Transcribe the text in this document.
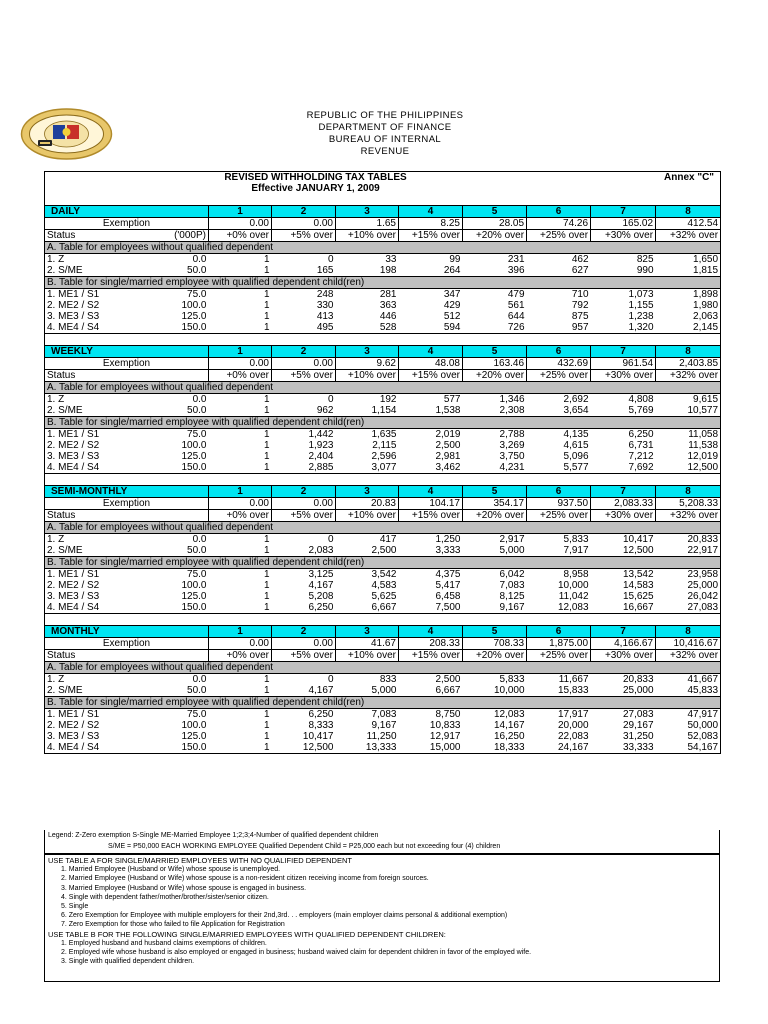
REPUBLIC OF THE PHILIPPINES
DEPARTMENT OF FINANCE
BUREAU OF INTERNAL
REVENUE
	REVISED WITHHOLDING TAX TABLES						Annex "C"		
	Effective JANUARY 1, 2009								

DAILY		1	2	3	4	5	6	7	8
Exemption		0.00	0.00	1.65	8.25	28.05	74.26	165.02	412.54
Status	('000P)	+0% over	+5% over	+10% over	+15% over	+20% over	+25% over	+30% over	+32% over
A. Table for employees without qualified dependent									
1. Z	0.0	1	0	33	99	231	462	825	1,650
2. S/ME	50.0	1	165	198	264	396	627	990	1,815
B. Table for single/married employee with qualified dependent child(ren)									
1. ME1 / S1	75.0	1	248	281	347	479	710	1,073	1,898
2. ME2 / S2	100.0	1	330	363	429	561	792	1,155	1,980
3. ME3 / S3	125.0	1	413	446	512	644	875	1,238	2,063
4. ME4 / S4	150.0	1	495	528	594	726	957	1,320	2,145

WEEKLY		1	2	3	4	5	6	7	8
Exemption		0.00	0.00	9.62	48.08	163.46	432.69	961.54	2,403.85
Status		+0% over	+5% over	+10% over	+15% over	+20% over	+25% over	+30% over	+32% over
A. Table for employees without qualified dependent									
1. Z	0.0	1	0	192	577	1,346	2,692	4,808	9,615
2. S/ME	50.0	1	962	1,154	1,538	2,308	3,654	5,769	10,577
B. Table for single/married employee with qualified dependent child(ren)									
1. ME1 / S1	75.0	1	1,442	1,635	2,019	2,788	4,135	6,250	11,058
2. ME2 / S2	100.0	1	1,923	2,115	2,500	3,269	4,615	6,731	11,538
3. ME3 / S3	125.0	1	2,404	2,596	2,981	3,750	5,096	7,212	12,019
4. ME4 / S4	150.0	1	2,885	3,077	3,462	4,231	5,577	7,692	12,500

SEMI-MONTHLY		1	2	3	4	5	6	7	8
Exemption		0.00	0.00	20.83	104.17	354.17	937.50	2,083.33	5,208.33
Status		+0% over	+5% over	+10% over	+15% over	+20% over	+25% over	+30% over	+32% over
A. Table for employees without qualified dependent									
1. Z	0.0	1	0	417	1,250	2,917	5,833	10,417	20,833
2. S/ME	50.0	1	2,083	2,500	3,333	5,000	7,917	12,500	22,917
B. Table for single/married employee with qualified dependent child(ren)									
1. ME1 / S1	75.0	1	3,125	3,542	4,375	6,042	8,958	13,542	23,958
2. ME2 / S2	100.0	1	4,167	4,583	5,417	7,083	10,000	14,583	25,000
3. ME3 / S3	125.0	1	5,208	5,625	6,458	8,125	11,042	15,625	26,042
4. ME4 / S4	150.0	1	6,250	6,667	7,500	9,167	12,083	16,667	27,083

MONTHLY		1	2	3	4	5	6	7	8
Exemption		0.00	0.00	41.67	208.33	708.33	1,875.00	4,166.67	10,416.67
Status		+0% over	+5% over	+10% over	+15% over	+20% over	+25% over	+30% over	+32% over
A. Table for employees without qualified dependent									
1. Z	0.0	1	0	833	2,500	5,833	11,667	20,833	41,667
2. S/ME	50.0	1	4,167	5,000	6,667	10,000	15,833	25,000	45,833
B. Table for single/married employee with qualified dependent child(ren)									
1. ME1 / S1	75.0	1	6,250	7,083	8,750	12,083	17,917	27,083	47,917
2. ME2 / S2	100.0	1	8,333	9,167	10,833	14,167	20,000	29,167	50,000
3. ME3 / S3	125.0	1	10,417	11,250	12,917	16,250	22,083	31,250	52,083
4. ME4 / S4	150.0	1	12,500	13,333	15,000	18,333	24,167	33,333	54,167
Legend: Z-Zero exemption S-Single ME-Married Employee 1;2;3;4-Number of qualified dependent children
S/ME = P50,000 EACH WORKING EMPLOYEE Qualified Dependent Child = P25,000 each but not exceeding four (4) children
USE TABLE A FOR SINGLE/MARRIED EMPLOYEES WITH NO QUALIFIED DEPENDENT
1. Married Employee (Husband or Wife) whose spouse is unemployed.
2. Married Employee (Husband or Wife) whose spouse is a non-resident citizen receiving income from foreign sources.
3. Married Employee (Husband or Wife) whose spouse is engaged in business.
4. Single with dependent father/mother/brother/sister/senior citizen.
5. Single
6. Zero Exemption for Employee with multiple employers for their 2nd,3rd. . . employers (main employer claims personal & additional exemption)
7. Zero Exemption for those who failed to file Application for Registration
USE TABLE B FOR THE FOLLOWING SINGLE/MARRIED EMPLOYEES WITH QUALIFIED DEPENDENT CHILDREN:
1. Employed husband and husband claims exemptions of children.
2. Employed wife whose husband is also employed or engaged in business; husband waived claim for dependent children in favor of the employed wife.
3. Single with qualified dependent children.
